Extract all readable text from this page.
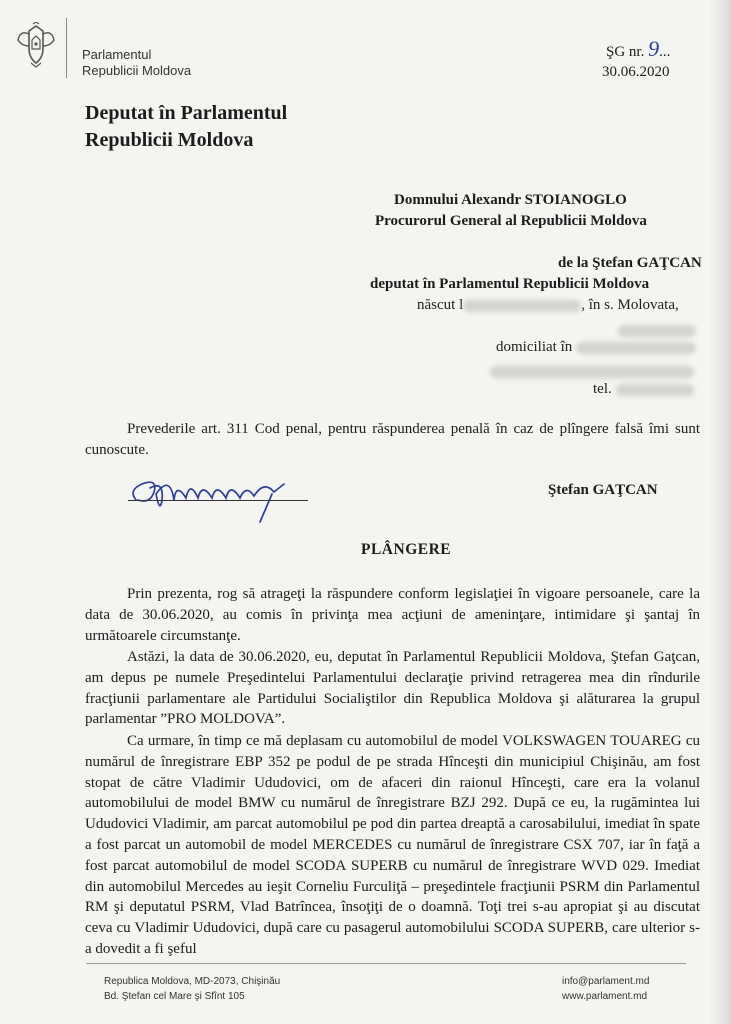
Parlamentul
Republicii Moldova
ŞG nr. 9...
30.06.2020
Deputat în Parlamentul
Republicii Moldova
Domnului Alexandr STOIANOGLO
Procurorul General al Republicii Moldova
de la Ştefan GAŢCAN
deputat în Parlamentul Republicii Moldova
născut l	, în s. Molovata,
domiciliat în
tel.
Prevederile art. 311 Cod penal, pentru răspunderea penală în caz de plîngere falsă îmi sunt cunoscute.
Ştefan GAŢCAN
PLÂNGERE
Prin prezenta, rog să atrageţi la răspundere conform legislaţiei în vigoare persoanele, care la data de 30.06.2020, au comis în privinţa mea acţiuni de ameninţare, intimidare şi şantaj în următoarele circumstanţe.
Astăzi, la data de 30.06.2020, eu, deputat în Parlamentul Republicii Moldova, Ştefan Gaţcan, am depus pe numele Preşedintelui Parlamentului declaraţie privind retragerea mea din rîndurile fracţiunii parlamentare ale Partidului Socialiştilor din Republica Moldova şi alăturarea la grupul parlamentar ”PRO MOLDOVA”.
Ca urmare, în timp ce mă deplasam cu automobilul de model VOLKSWAGEN TOUAREG cu numărul de înregistrare EBP 352 pe podul de pe strada Hînceşti din municipiul Chişinău, am fost stopat de către Vladimir Ududovici, om de afaceri din raionul Hînceşti, care era la volanul automobilului de model BMW cu numărul de înregistrare BZJ 292. După ce eu, la rugămintea lui Ududovici Vladimir, am parcat automobilul pe pod din partea dreaptă a carosabilului, imediat în spate a fost parcat un automobil de model MERCEDES cu numărul de înregistrare CSX 707, iar în faţă a fost parcat automobilul de model SCODA SUPERB cu numărul de înregistrare WVD 029. Imediat din automobilul Mercedes au ieşit Corneliu Furculiţă – preşedintele fracţiunii PSRM din Parlamentul RM şi deputatul PSRM, Vlad Batrîncea, însoţiţi de o doamnă. Toţi trei s-au apropiat şi au discutat ceva cu Vladimir Ududovici, după care cu pasagerul automobilului SCODA SUPERB, care ulterior s-a dovedit a fi şeful
Republica Moldova, MD-2073, Chişinău
Bd. Ştefan cel Mare şi Sfînt 105
info@parlament.md
www.parlament.md
